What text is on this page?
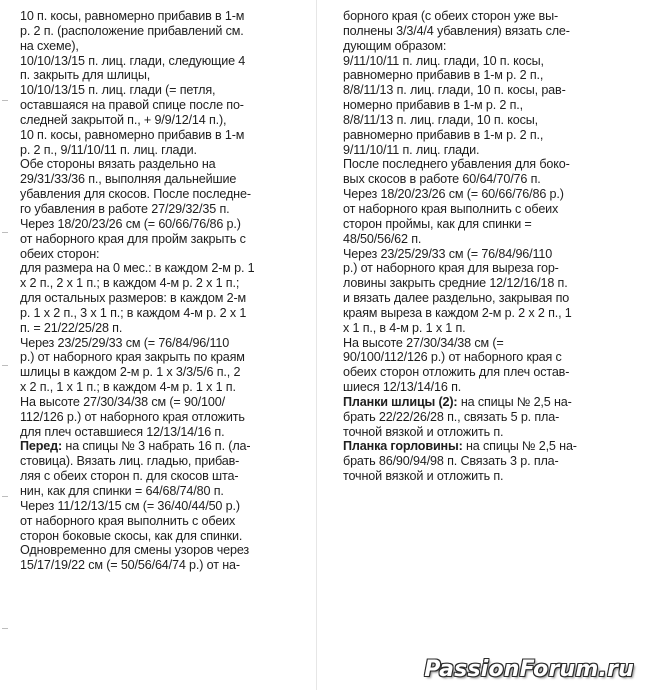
10 п. косы, равномерно прибавив в 1-м
р. 2 п. (расположение прибавлений см.
на схеме),
10/10/13/15 п. лиц. глади, следующие 4
п. закрыть для шлицы,
10/10/13/15 п. лиц. глади (= петля,
оставшаяся на правой спице после по-
следней закрытой п., + 9/9/12/14 п.),
10 п. косы, равномерно прибавив в 1-м
р. 2 п., 9/11/10/11 п. лиц. глади.
Обе стороны вязать раздельно на
29/31/33/36 п., выполняя дальнейшие
убавления для скосов. После последне-
го убавления в работе 27/29/32/35 п.
Через 18/20/23/26 см (= 60/66/76/86 р.)
от наборного края для пройм закрыть с
обеих сторон:
для размера на 0 мес.: в каждом 2-м р. 1
х 2 п., 2 х 1 п.; в каждом 4-м р. 2 х 1 п.;
для остальных размеров: в каждом 2-м
р. 1 х 2 п., 3 х 1 п.; в каждом 4-м р. 2 х 1
п. = 21/22/25/28 п.
Через 23/25/29/33 см (= 76/84/96/110
р.) от наборного края закрыть по краям
шлицы в каждом 2-м р. 1 х 3/3/5/6 п., 2
х 2 п., 1 х 1 п.; в каждом 4-м р. 1 х 1 п.
На высоте 27/30/34/38 см (= 90/100/
112/126 р.) от наборного края отложить
для плеч оставшиеся 12/13/14/16 п.
Перед: на спицы № 3 набрать 16 п. (ла-
стовица). Вязать лиц. гладью, прибав-
ляя с обеих сторон п. для скосов шта-
нин, как для спинки = 64/68/74/80 п.
Через 11/12/13/15 см (= 36/40/44/50 р.)
от наборного края выполнить с обеих
сторон боковые скосы, как для спинки.
Одновременно для смены узоров через
15/17/19/22 см (= 50/56/64/74 р.) от на-
борного края (с обеих сторон уже вы-
полнены 3/3/4/4 убавления) вязать сле-
дующим образом:
9/11/10/11 п. лиц. глади, 10 п. косы,
равномерно прибавив в 1-м р. 2 п.,
8/8/11/13 п. лиц. глади, 10 п. косы, рав-
номерно прибавив в 1-м р. 2 п.,
8/8/11/13 п. лиц. глади, 10 п. косы,
равномерно прибавив в 1-м р. 2 п.,
9/11/10/11 п. лиц. глади.
После последнего убавления для боко-
вых скосов в работе 60/64/70/76 п.
Через 18/20/23/26 см (= 60/66/76/86 р.)
от наборного края выполнить с обеих
сторон проймы, как для спинки =
48/50/56/62 п.
Через 23/25/29/33 см (= 76/84/96/110
р.) от наборного края для выреза гор-
ловины закрыть средние 12/12/16/18 п.
и вязать далее раздельно, закрывая по
краям выреза в каждом 2-м р. 2 х 2 п., 1
х 1 п., в 4-м р. 1 х 1 п.
На высоте 27/30/34/38 см (=
90/100/112/126 р.) от наборного края с
обеих сторон отложить для плеч остав-
шиеся 12/13/14/16 п.
Планки шлицы (2): на спицы № 2,5 на-
брать 22/22/26/28 п., связать 5 р. пла-
точной вязкой и отложить п.
Планка горловины: на спицы № 2,5 на-
брать 86/90/94/98 п. Связать 3 р. пла-
точной вязкой и отложить п.
PassionForum.ru
